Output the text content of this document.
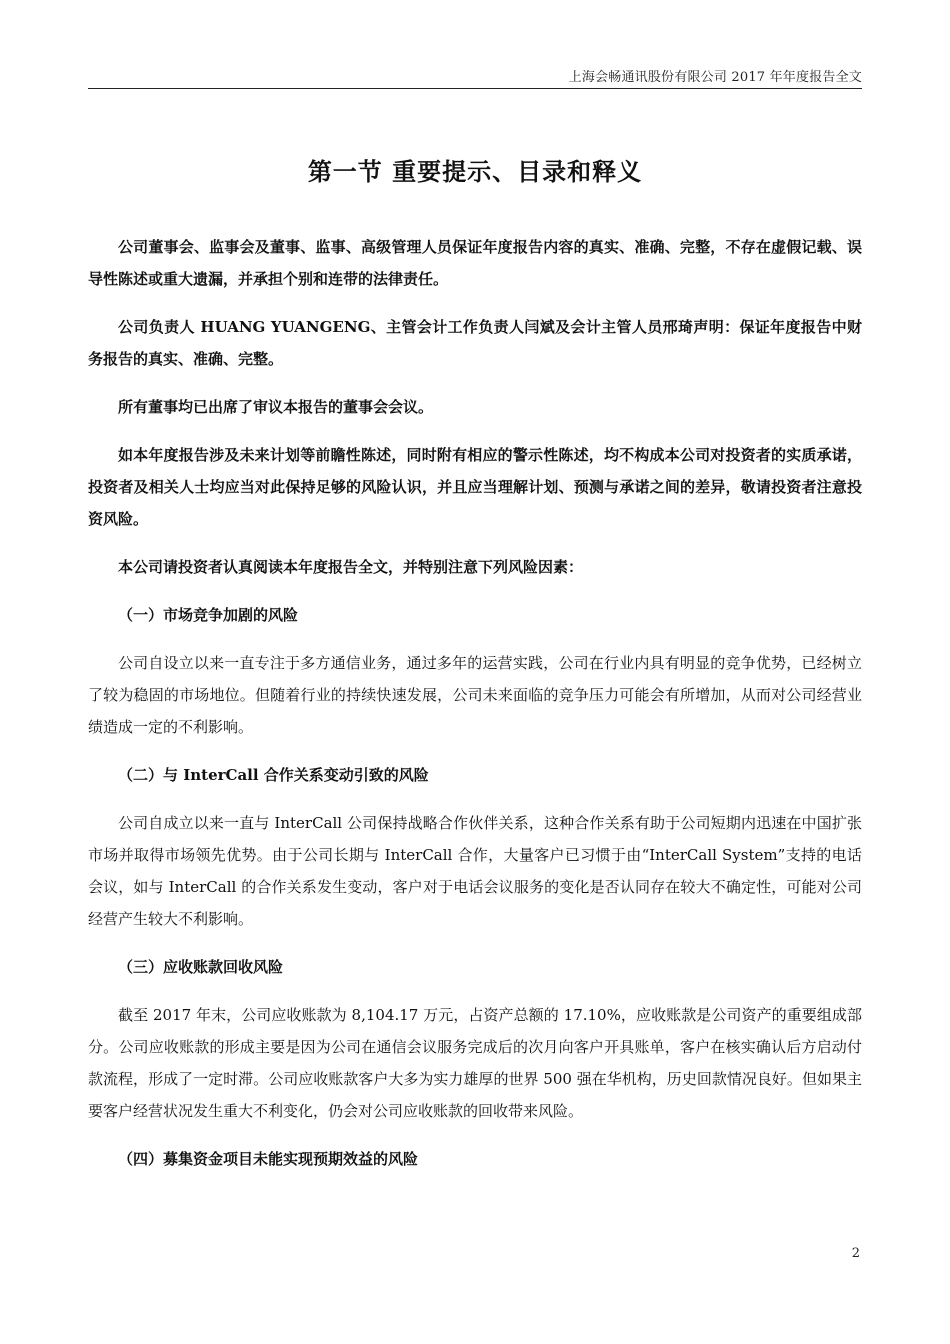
上海会畅通讯股份有限公司 2017 年年度报告全文
第一节 重要提示、目录和释义

公司董事会、监事会及董事、监事、高级管理人员保证年度报告内容的真实、准确、完整，不存在虚假记载、误导性陈述或重大遗漏，并承担个别和连带的法律责任。

公司负责人 HUANG YUANGENG、主管会计工作负责人闫斌及会计主管人员邢琦声明：保证年度报告中财务报告的真实、准确、完整。

所有董事均已出席了审议本报告的董事会会议。

如本年度报告涉及未来计划等前瞻性陈述，同时附有相应的警示性陈述，均不构成本公司对投资者的实质承诺，投资者及相关人士均应当对此保持足够的风险认识，并且应当理解计划、预测与承诺之间的差异，敬请投资者注意投资风险。

本公司请投资者认真阅读本年度报告全文，并特别注意下列风险因素：

（一）市场竞争加剧的风险

公司自设立以来一直专注于多方通信业务，通过多年的运营实践，公司在行业内具有明显的竞争优势，已经树立了较为稳固的市场地位。但随着行业的持续快速发展，公司未来面临的竞争压力可能会有所增加，从而对公司经营业绩造成一定的不利影响。

（二）与 InterCall 合作关系变动引致的风险

公司自成立以来一直与 InterCall 公司保持战略合作伙伴关系，这种合作关系有助于公司短期内迅速在中国扩张市场并取得市场领先优势。由于公司长期与 InterCall 合作，大量客户已习惯于由“InterCall System”支持的电话会议，如与 InterCall 的合作关系发生变动，客户对于电话会议服务的变化是否认同存在较大不确定性，可能对公司经营产生较大不利影响。

（三）应收账款回收风险

截至 2017 年末，公司应收账款为 8,104.17 万元，占资产总额的 17.10%，应收账款是公司资产的重要组成部分。公司应收账款的形成主要是因为公司在通信会议服务完成后的次月向客户开具账单，客户在核实确认后方启动付款流程，形成了一定时滞。公司应收账款客户大多为实力雄厚的世界 500 强在华机构，历史回款情况良好。但如果主要客户经营状况发生重大不利变化，仍会对公司应收账款的回收带来风险。

（四）募集资金项目未能实现预期效益的风险

2
